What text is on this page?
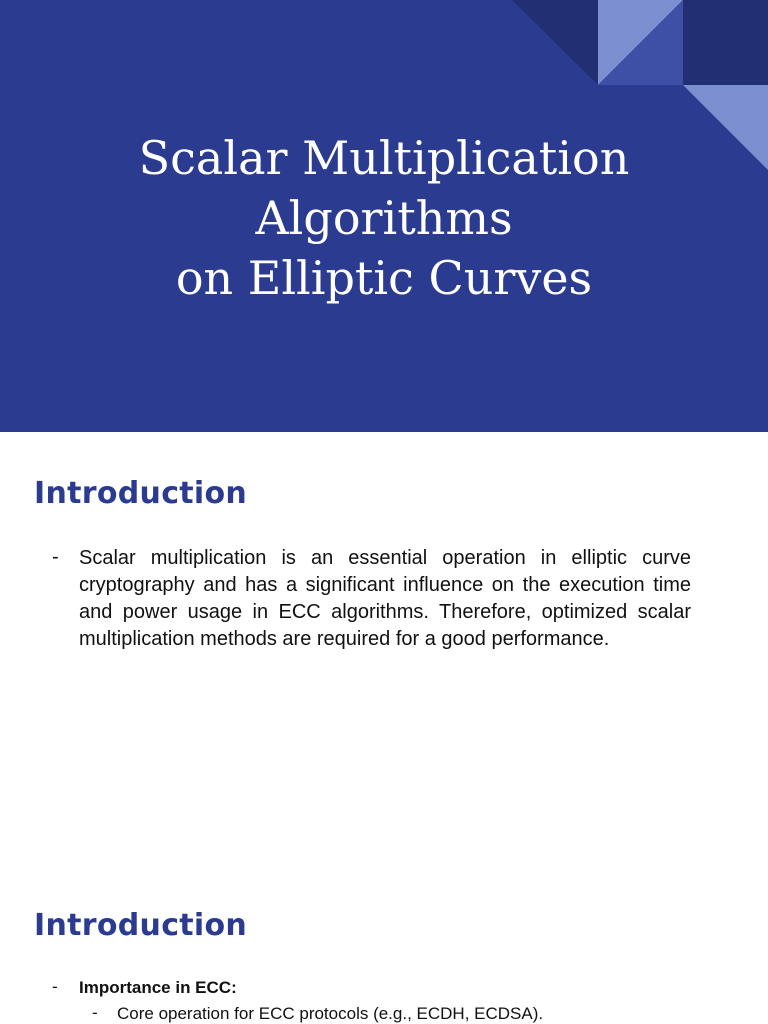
Scalar Multiplication
Algorithms
on Elliptic Curves
Introduction
- Scalar multiplication is an essential operation in elliptic curve cryptography and has a significant influence on the execution time and power usage in ECC algorithms. Therefore, optimized scalar multiplication methods are required for a good performance.
Introduction
- Importance in ECC:
- Core operation for ECC protocols (e.g., ECDH, ECDSA).
